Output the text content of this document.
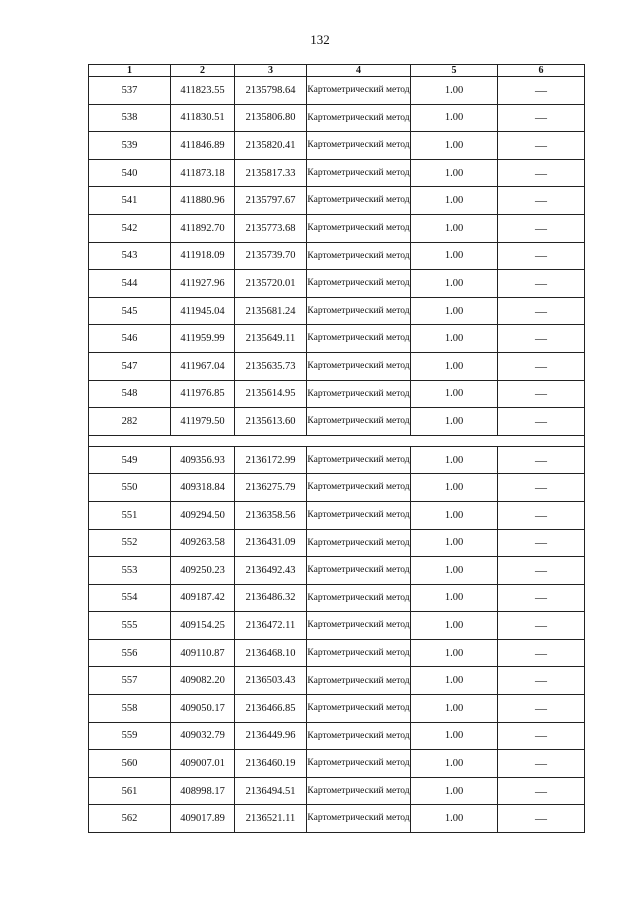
132
1	2	3	4	5	6
537	411823.55	2135798.64	Картометрический метод	1.00	—
538	411830.51	2135806.80	Картометрический метод	1.00	—
539	411846.89	2135820.41	Картометрический метод	1.00	—
540	411873.18	2135817.33	Картометрический метод	1.00	—
541	411880.96	2135797.67	Картометрический метод	1.00	—
542	411892.70	2135773.68	Картометрический метод	1.00	—
543	411918.09	2135739.70	Картометрический метод	1.00	—
544	411927.96	2135720.01	Картометрический метод	1.00	—
545	411945.04	2135681.24	Картометрический метод	1.00	—
546	411959.99	2135649.11	Картометрический метод	1.00	—
547	411967.04	2135635.73	Картометрический метод	1.00	—
548	411976.85	2135614.95	Картометрический метод	1.00	—
282	411979.50	2135613.60	Картометрический метод	1.00	—

549	409356.93	2136172.99	Картометрический метод	1.00	—
550	409318.84	2136275.79	Картометрический метод	1.00	—
551	409294.50	2136358.56	Картометрический метод	1.00	—
552	409263.58	2136431.09	Картометрический метод	1.00	—
553	409250.23	2136492.43	Картометрический метод	1.00	—
554	409187.42	2136486.32	Картометрический метод	1.00	—
555	409154.25	2136472.11	Картометрический метод	1.00	—
556	409110.87	2136468.10	Картометрический метод	1.00	—
557	409082.20	2136503.43	Картометрический метод	1.00	—
558	409050.17	2136466.85	Картометрический метод	1.00	—
559	409032.79	2136449.96	Картометрический метод	1.00	—
560	409007.01	2136460.19	Картометрический метод	1.00	—
561	408998.17	2136494.51	Картометрический метод	1.00	—
562	409017.89	2136521.11	Картометрический метод	1.00	—
